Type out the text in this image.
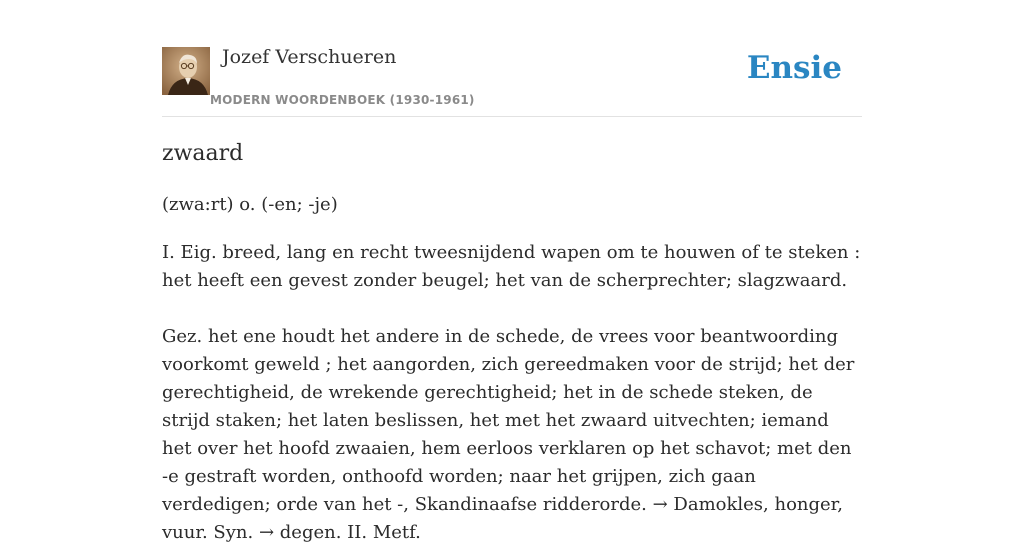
Jozef Verschueren
MODERN WOORDENBOEK (1930-1961)
Ensie
zwaard
(zwa:rt) o. (-en; -je)

I. Eig. breed, lang en recht tweesnijdend wapen om te houwen of te steken : het heeft een gevest zonder beugel; het van de scherprechter; slagzwaard.

Gez. het ene houdt het andere in de schede, de vrees voor beantwoording voorkomt geweld ; het aangorden, zich gereedmaken voor de strijd; het der gerechtigheid, de wrekende gerechtigheid; het in de schede steken, de strijd staken; het laten beslissen, het met het zwaard uitvechten; iemand het over het hoofd zwaaien, hem eerloos verklaren op het schavot; met den -e gestraft worden, onthoofd worden; naar het grijpen, zich gaan verdedigen; orde van het -, Skandinaafse ridderorde. → Damokles, honger, vuur. Syn. → degen. II. Metf.
